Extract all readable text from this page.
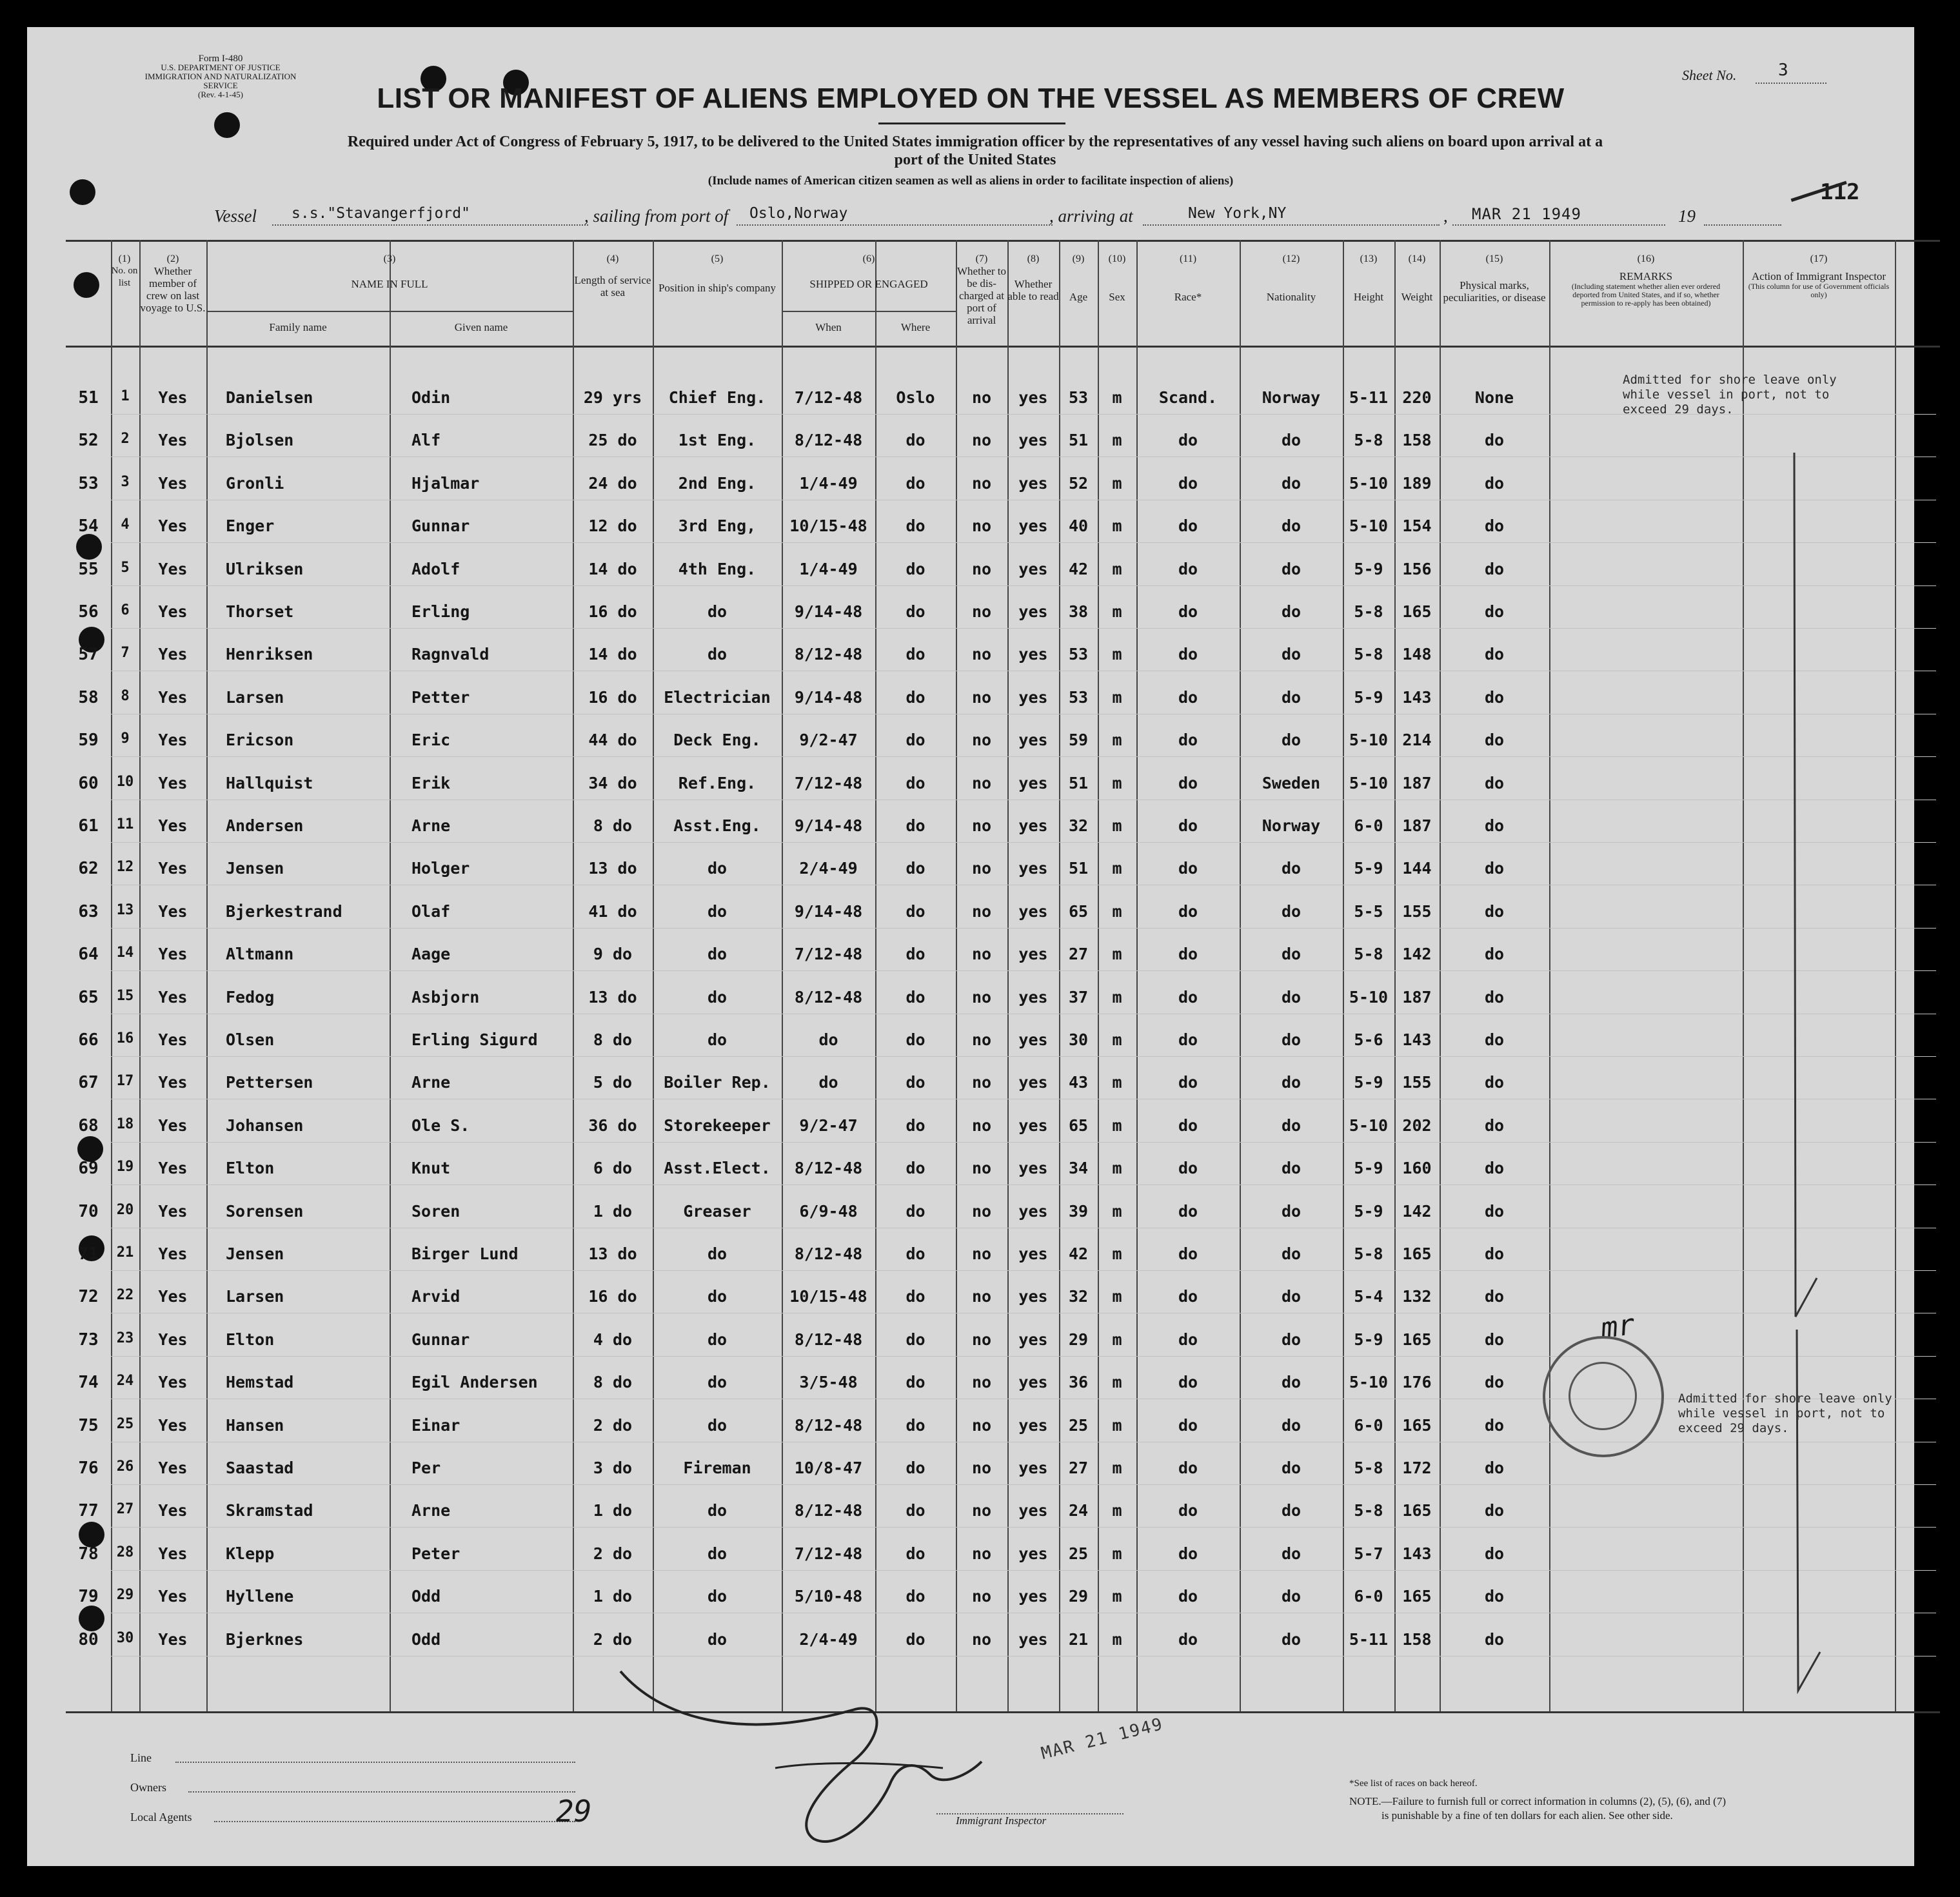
Form I-480
U.S. DEPARTMENT OF JUSTICE
IMMIGRATION AND NATURALIZATION SERVICE
(Rev. 4-1-45)
Sheet No. 3
LIST OR MANIFEST OF ALIENS EMPLOYED ON THE VESSEL AS MEMBERS OF CREW
Required under Act of Congress of February 5, 1917, to be delivered to the United States immigration officer by the representatives of any vessel having such aliens on board upon arrival at a
port of the United States
(Include names of American citizen seamen as well as aliens in order to facilitate inspection of aliens)	112
Vessel s.s."Stavangerfjord"	, sailing from port of Oslo,Norway	, arriving at	New York,NY	, MAR 21 1949	19
(1)
No. on list
(2)
Whether member of crew on last voyage to U.S.
(3)
NAME IN FULL
Family name	Given name
(4)
Length of service at sea
(5)
Position in ship's company
(6)
SHIPPED OR ENGAGED
When	Where
(7)
Whether to be dis-charged at port of arrival
(8)
Whether able to read
(9)
Age
(10)
Sex
(11)
Race*
(12)
Nationality
(13)
Height
(14)
Weight
(15)
Physical marks, peculiarities, or disease
(16)
REMARKS
(Including statement whether alien ever ordered deported from United States, and if so, whether permission to re-apply has been obtained)
(17)
Action of Immigrant Inspector
(This column for use of Government officials only)
51	1	Yes	Danielsen	Odin	29 yrs	Chief Eng.	7/12-48	Oslo	no	yes	53	m	Scand.	Norway	5-11 220	None
52	2	Yes	Bjolsen	Alf	25 do	1st Eng.	8/12-48	do	no	yes	51	m	do	do	5-8	158	do
53	3	Yes	Gronli	Hjalmar	24 do	2nd Eng.	1/4-49	do	no	yes	52	m	do	do	5-10 189	do
54	4	Yes	Enger	Gunnar	12 do	3rd Eng,	10/15-48	do	no	yes	40	m	do	do	5-10 154	do
55	5	Yes	Ulriksen	Adolf	14 do	4th Eng.	1/4-49	do	no	yes	42	m	do	do	5-9	156	do
56	6	Yes	Thorset	Erling	16 do	do	9/14-48	do	no	yes	38	m	do	do	5-8	165	do
57	7	Yes	Henriksen	Ragnvald	14 do	do	8/12-48	do	no	yes	53	m	do	do	5-8	148	do
58	8	Yes	Larsen	Petter	16 do	Electrician	9/14-48	do	no	yes	53	m	do	do	5-9	143	do
59	9	Yes	Ericson	Eric	44 do	Deck Eng.	9/2-47	do	no	yes	59	m	do	do	5-10 214	do
60	10	Yes	Hallquist	Erik	34 do	Ref.Eng.	7/12-48	do	no	yes	51	m	do	Sweden	5-10 187	do
61	11	Yes	Andersen	Arne	8 do	Asst.Eng.	9/14-48	do	no	yes	32	m	do	Norway	6-0	187	do
62	12	Yes	Jensen	Holger	13 do	do	2/4-49	do	no	yes	51	m	do	do	5-9	144	do
63	13	Yes	Bjerkestrand	Olaf	41 do	do	9/14-48	do	no	yes	65	m	do	do	5-5	155	do
64	14	Yes	Altmann	Aage	9 do	do	7/12-48	do	no	yes	27	m	do	do	5-8	142	do
65	15	Yes	Fedog	Asbjorn	13 do	do	8/12-48	do	no	yes	37	m	do	do	5-10 187	do
66	16	Yes	Olsen	Erling Sigurd	8 do	do	do	do	no	yes	30	m	do	do	5-6	143	do
67	17	Yes	Pettersen	Arne	5 do	Boiler Rep.	do	do	no	yes	43	m	do	do	5-9	155	do
68	18	Yes	Johansen	Ole S.	36 do	Storekeeper	9/2-47	do	no	yes	65	m	do	do	5-10 202	do
69	19	Yes	Elton	Knut	6 do	Asst.Elect.	8/12-48	do	no	yes	34	m	do	do	5-9	160	do
70	20	Yes	Sorensen	Soren	1 do	Greaser	6/9-48	do	no	yes	39	m	do	do	5-9	142	do
71	21	Yes	Jensen	Birger Lund	13 do	do	8/12-48	do	no	yes	42	m	do	do	5-8	165	do
72	22	Yes	Larsen	Arvid	16 do	do	10/15-48	do	no	yes	32	m	do	do	5-4	132	do
73	23	Yes	Elton	Gunnar	4 do	do	8/12-48	do	no	yes	29	m	do	do	5-9	165	do
74	24	Yes	Hemstad	Egil Andersen	8 do	do	3/5-48	do	no	yes	36	m	do	do	5-10 176	do
75	25	Yes	Hansen	Einar	2 do	do	8/12-48	do	no	yes	25	m	do	do	6-0	165	do
76	26	Yes	Saastad	Per	3 do	Fireman	10/8-47	do	no	yes	27	m	do	do	5-8	172	do
77	27	Yes	Skramstad	Arne	1 do	do	8/12-48	do	no	yes	24	m	do	do	5-8	165	do
78	28	Yes	Klepp	Peter	2 do	do	7/12-48	do	no	yes	25	m	do	do	5-7	143	do
79	29	Yes	Hyllene	Odd	1 do	do	5/10-48	do	no	yes	29	m	do	do	6-0	165	do
80	30	Yes	Bjerknes	Odd	2 do	do	2/4-49	do	no	yes	21	m	do	do	5-11 158	do
Admitted for shore leave only
while vessel in port, not to
exceed 29 days.
Admitted for shore leave only
while vessel in port, not to
exceed 29 days.
mr
Line
Owners
Local Agents	29	Immigrant Inspector
MAR 21 1949
*See list of races on back hereof.
NOTE.—Failure to furnish full or correct information in columns (2), (5), (6), and (7)
is punishable by a fine of ten dollars for each alien. See other side.
